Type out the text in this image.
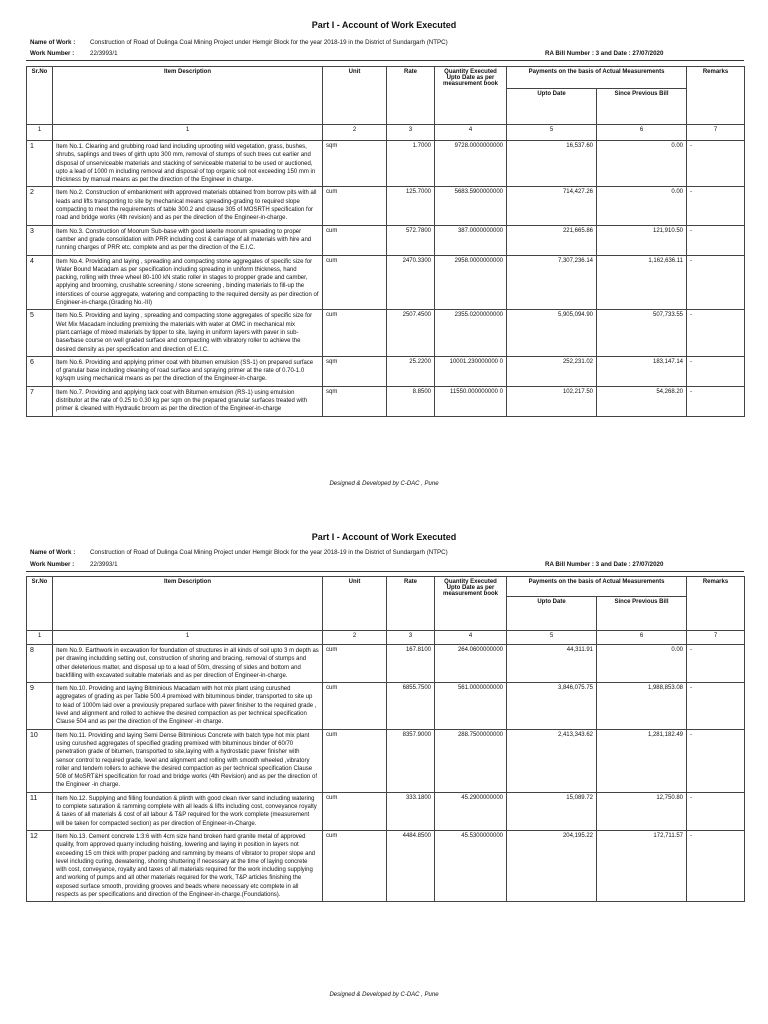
Part I - Account of Work Executed
Name of Work : Construction of Road of Dulinga Coal Mining Project under Hemgir Block for the year 2018-19 in the District of Sundargarh (NTPC)
Work Number :	22/3993/1	RA Bill Number : 3 and Date : 27/07/2020
Sr.No	Item Description	Unit	Rate	Quantity Executed Upto Date as per measurement book	Payments on the basis of Actual Measurements		Remarks
					Upto Date	Since Previous Bill	
1	1	2	3	4	5	6	7
1	Item No.1. Clearing and grubbing road land including uprooting wild vegetation, grass, bushes, shrubs, saplings and trees of girth upto 300 mm, removal of stumps of such trees cut earlier and disposal of unserviceable materials and stacking of serviceable material to be used or auctioned, upto a lead of 1000 m including removal and disposal of top organic soil not exceeding 150 mm in thickness by manual means as per the direction of the Engineer in charge.	sqm	1.7000	9728.0000000000	16,537.60	0.00	-
2	Item No.2. Construction of embankment with approved materials obtained from borrow pits with all leads and lifts transporting to site by mechanical means spreading-grading to required slope compacting to meet the requirements of table 300.2 and clause 305 of MOSRTH specification for road and bridge works (4th revision) and as per the direction of the Engineer-in-charge.	cum	125.7000	5683.5900000000	714,427.26	0.00	-
3	Item No.3. Construction of Moorum Sub-base with good laterite moorum spreading to proper camber and grade consolidation with PRR including cost & carriage of all materials with hire and running charges of PRR etc. complete and as per the direction of the E.I.C.	cum	572.7800	387.0000000000	221,665.86	121,910.50	-
4	Item No.4. Providing and laying , spreading and compacting stone aggregates of specific size for Water Bound Macadam as per specification including spreading in uniform thickness, hand packing, rolling with three wheel 80-100 kN static roller in stages to propper grade and camber, applying and brooming, crushable screening / stone screening , binding materials to fill-up the interstices of course aggregate, watering and compacting to the required density as per direction of Engineer-in-charge.(Grading No.-III)	cum	2470.3300	2958.0000000000	7,307,236.14	1,162,636.11	-
5	Item No.5. Providing and laying , spreading and compacting stone aggregates of specific size for Wet Mix Macadam including premixing the materials with water at OMC in mechanical mix plant.carriage of mixed materials by tipper to site, laying in uniform layers with paver in sub-base/base course on well graded surface and compacting with vibratory roller to achieve the desired density as per specification and direction of E.I.C.	cum	2507.4500	2355.0200000000	5,905,094.90	507,733.55	-
6	Item No.6. Providing and applying primer coat with bitumen emulsion (SS-1) on prepared surface of granular base including cleaning of road surface and spraying primer at the rate of 0.70-1.0 kg/sqm using mechanical means as per the direction of the Engineer-in-charge.	sqm	25.2200	10001.230000000 0	252,231.02	183,147.14	-
7	Item No.7. Providing and applying tack coat with Bitumen emulsion (RS-1) using emulsion distributor at the rate of 0.25 to 0.30 kg per sqm on the prepared granular surfaces treated with primer & cleaned with Hydraulic broom as per the direction of the Engineer-in-charge	sqm	8.8500	11550.000000000 0	102,217.50	54,268.20	-
Designed & Developed by C-DAC , Pune
Part I - Account of Work Executed
Name of Work : Construction of Road of Dulinga Coal Mining Project under Hemgir Block for the year 2018-19 in the District of Sundargarh (NTPC)
Work Number :	22/3993/1	RA Bill Number : 3 and Date : 27/07/2020
Sr.No	Item Description	Unit	Rate	Quantity Executed Upto Date as per measurement book	Payments on the basis of Actual Measurements		Remarks
					Upto Date	Since Previous Bill	
1	1	2	3	4	5	6	7
8	Item No.9. Earthwork in excavation for foundation of structures in all kinds of soil upto 3 m depth as per drawing includding setting out, construction of shoring and bracing, removal of stumps and other deleterious matter, and disposal up to a lead of 50m, dressing of sides and bottom and backfilling with excavated suitable materials and as per direction of Engineer-in-charge.	cum	167.8100	264.0600000000	44,311.91	0.00	-
9	Item No.10. Providing and laying Bitminious Macadam with hot mix plant using curushed aggregates of grading as per Table 500.4 premixed with bituminous binder, transported to site up to lead of 1000m laid over a previously prepared surface with paver finisher to the required grade , level and alignment and rolled to achieve the desired compaction as per technical specification Clause 504 and as per the direction of the Engineer -in charge.	cum	6855.7500	561.0000000000	3,846,075.75	1,988,853.08	-
10	Item No.11. Providing and laying Semi Dense Bitminious Concrete with batch type hot mix plant using curushed aggregates of specified grading premixed with bituminous binder of 60/70 penetration grade of bitumen, transported to site,laying with a hydrostatic paver finisher with sensor control to required grade, level and alignment and rolling with smooth wheeled ,vibratory roller and tendem rollers to achieve the desired compaction as per technical specification Clause 508 of MoSRT&H specification for road and bridge works (4th Revision) and as per the direction of the Engineer -in charge.	cum	8357.9000	288.7500000000	2,413,343.62	1,281,182.49	-
11	Item No.12. Supplying and filling foundation & plinth with good clean river sand including watering to complete saturation & ramming complete with all leads & lifts including cost, conveyance royalty & taxes of all materials & cost of all labour & T&P required for the work complete (measurement will be taken for compacted section) as per direction of Engineer-in-Charge.	cum	333.1800	45.2900000000	15,089.72	12,750.80	-
12	Item No.13. Cement concrete 1:3:6 with 4cm size hand broken hard granite metal of approved quality, from approved quarry including hoisting, lowering and laying in position in layers not exceeding 15 cm thick with proper packing and ramming by means of vibrator to proper slope and level including curing, dewatering, shoring shuttering if necessary at the time of laying concrete with cost, conveyance, royalty and taxes of all materials required for the work including supplying and working of pumps and all other materials required for the work, T&P articles finishing the exposed surface smooth, providing grooves and beads where necessary etc complete in all respects as per specifications and direction of the Engineer-in-charge.(Foundations).	cum	4484.8500	45.5300000000	204,195.22	172,711.57	-
Designed & Developed by C-DAC , Pune
